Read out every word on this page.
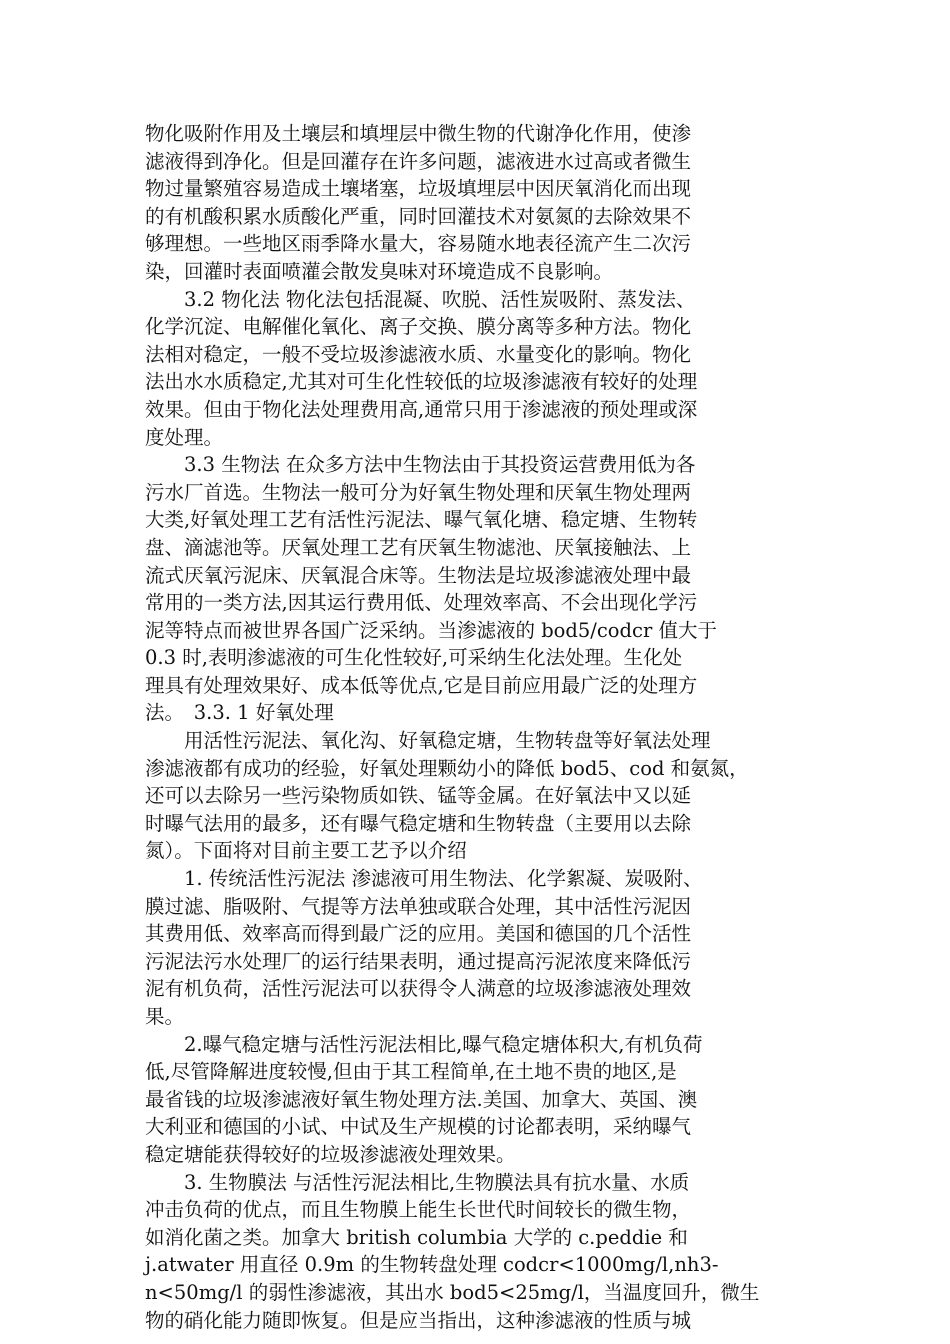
物化吸附作用及土壤层和填埋层中微生物的代谢净化作用，使渗
滤液得到净化。但是回灌存在许多问题，滤液进水过高或者微生
物过量繁殖容易造成土壤堵塞，垃圾填埋层中因厌氧消化而出现
的有机酸积累水质酸化严重，同时回灌技术对氨氮的去除效果不
够理想。一些地区雨季降水量大，容易随水地表径流产生二次污
染，回灌时表面喷灌会散发臭味对环境造成不良影响。
　　3.2 物化法 物化法包括混凝、吹脱、活性炭吸附、蒸发法、
化学沉淀、电解催化氧化、离子交换、膜分离等多种方法。物化
法相对稳定，一般不受垃圾渗滤液水质、水量变化的影响。物化
法出水水质稳定,尤其对可生化性较低的垃圾渗滤液有较好的处理
效果。但由于物化法处理费用高,通常只用于渗滤液的预处理或深
度处理。
　　3.3 生物法 在众多方法中生物法由于其投资运营费用低为各
污水厂首选。生物法一般可分为好氧生物处理和厌氧生物处理两
大类,好氧处理工艺有活性污泥法、曝气氧化塘、稳定塘、生物转
盘、滴滤池等。厌氧处理工艺有厌氧生物滤池、厌氧接触法、上
流式厌氧污泥床、厌氧混合床等。生物法是垃圾渗滤液处理中最
常用的一类方法,因其运行费用低、处理效率高、不会出现化学污
泥等特点而被世界各国广泛采纳。当渗滤液的 bod5/codcr 值大于
0.3 时,表明渗滤液的可生化性较好,可采纳生化法处理。生化处
理具有处理效果好、成本低等优点,它是目前应用最广泛的处理方
法。　3.3. 1 好氧处理
　　用活性污泥法、氧化沟、好氧稳定塘，生物转盘等好氧法处理
渗滤液都有成功的经验，好氧处理颗幼小的降低 bod5、cod 和氨氮，
还可以去除另一些污染物质如铁、锰等金属。在好氧法中又以延
时曝气法用的最多，还有曝气稳定塘和生物转盘（主要用以去除
氮）。下面将对目前主要工艺予以介绍
　　1. 传统活性污泥法 渗滤液可用生物法、化学絮凝、炭吸附、
膜过滤、脂吸附、气提等方法单独或联合处理，其中活性污泥因
其费用低、效率高而得到最广泛的应用。美国和德国的几个活性
污泥法污水处理厂的运行结果表明，通过提高污泥浓度来降低污
泥有机负荷，活性污泥法可以获得令人满意的垃圾渗滤液处理效
果。
　　2.曝气稳定塘与活性污泥法相比,曝气稳定塘体积大,有机负荷
低,尽管降解进度较慢,但由于其工程简单,在土地不贵的地区,是
最省钱的垃圾渗滤液好氧生物处理方法.美国、加拿大、英国、澳
大利亚和德国的小试、中试及生产规模的讨论都表明，采纳曝气
稳定塘能获得较好的垃圾渗滤液处理效果。
　　3. 生物膜法 与活性污泥法相比,生物膜法具有抗水量、水质
冲击负荷的优点，而且生物膜上能生长世代时间较长的微生物，
如消化菌之类。加拿大 british columbia 大学的 c.peddie 和
j.atwater 用直径 0.9m 的生物转盘处理 codcr<1000mg/l,nh3-
n<50mg/l 的弱性渗滤液，其出水 bod5<25mg/l，当温度回升，微生
物的硝化能力随即恢复。但是应当指出，这种渗滤液的性质与城
